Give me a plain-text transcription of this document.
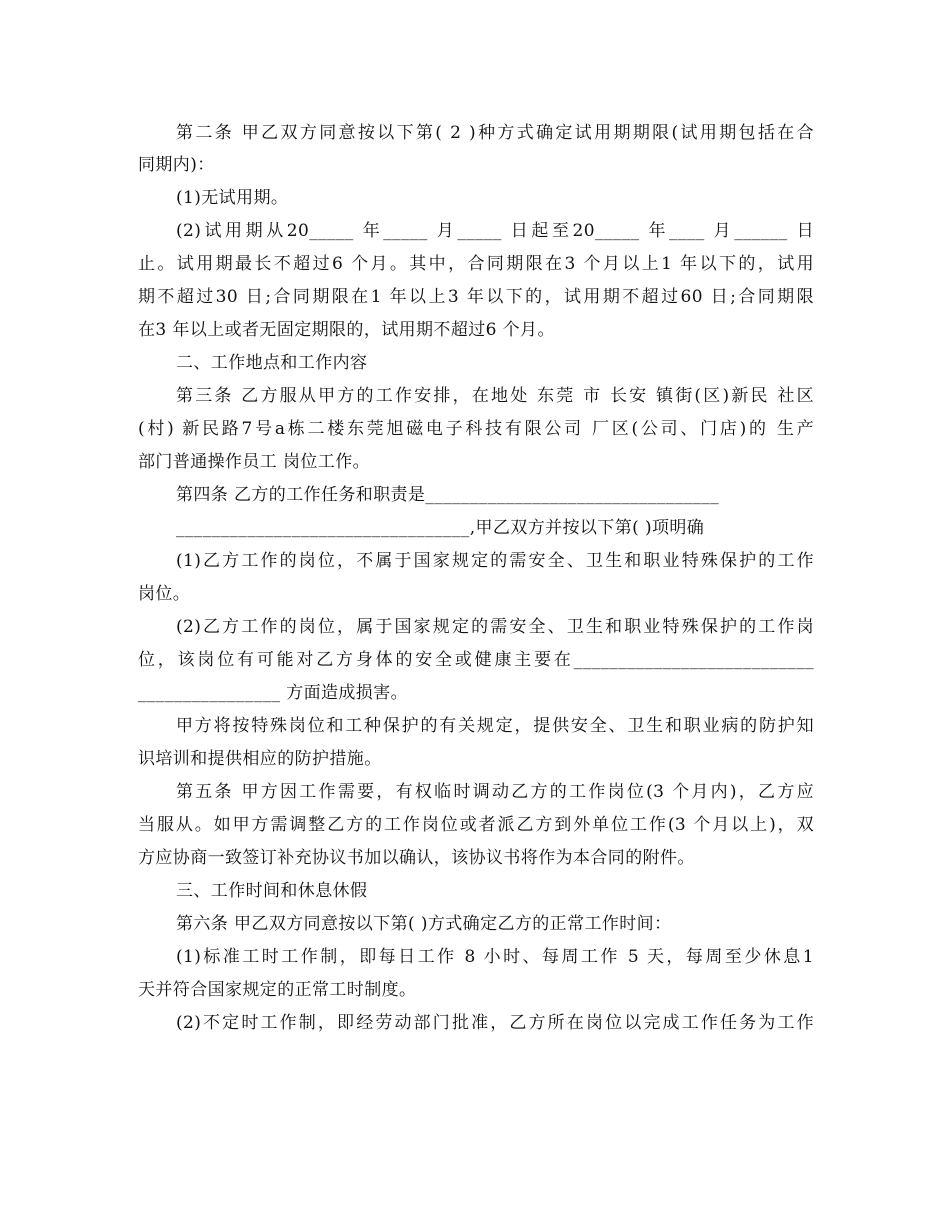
第二条 甲乙双方同意按以下第( 2 )种方式确定试用期期限(试用期包括在合
同期内)：
(1)无试用期。
(2)试用期从20_____ 年_____ 月_____ 日起至20_____ 年____ 月______ 日
止。试用期最长不超过6 个月。其中，合同期限在3 个月以上1 年以下的，试用
期不超过30 日;合同期限在1 年以上3 年以下的，试用期不超过60 日;合同期限
在3 年以上或者无固定期限的，试用期不超过6 个月。
二、工作地点和工作内容
第三条 乙方服从甲方的工作安排，在地处 东莞 市 长安 镇街(区)新民 社区
(村) 新民路7号a栋二楼东莞旭磁电子科技有限公司 厂区(公司、门店)的 生产
部门普通操作员工 岗位工作。
第四条 乙方的工作任务和职责是_________________________________
_________________________________,甲乙双方并按以下第( )项明确
(1)乙方工作的岗位，不属于国家规定的需安全、卫生和职业特殊保护的工作
岗位。
(2)乙方工作的岗位，属于国家规定的需安全、卫生和职业特殊保护的工作岗
位，该岗位有可能对乙方身体的安全或健康主要在___________________________
________________ 方面造成损害。
甲方将按特殊岗位和工种保护的有关规定，提供安全、卫生和职业病的防护知
识培训和提供相应的防护措施。
第五条 甲方因工作需要，有权临时调动乙方的工作岗位(3 个月内)，乙方应
当服从。如甲方需调整乙方的工作岗位或者派乙方到外单位工作(3 个月以上)，双
方应协商一致签订补充协议书加以确认，该协议书将作为本合同的附件。
三、工作时间和休息休假
第六条 甲乙双方同意按以下第( )方式确定乙方的正常工作时间：
(1)标准工时工作制，即每日工作 8 小时、每周工作 5 天，每周至少休息1
天并符合国家规定的正常工时制度。
(2)不定时工作制，即经劳动部门批准，乙方所在岗位以完成工作任务为工作
